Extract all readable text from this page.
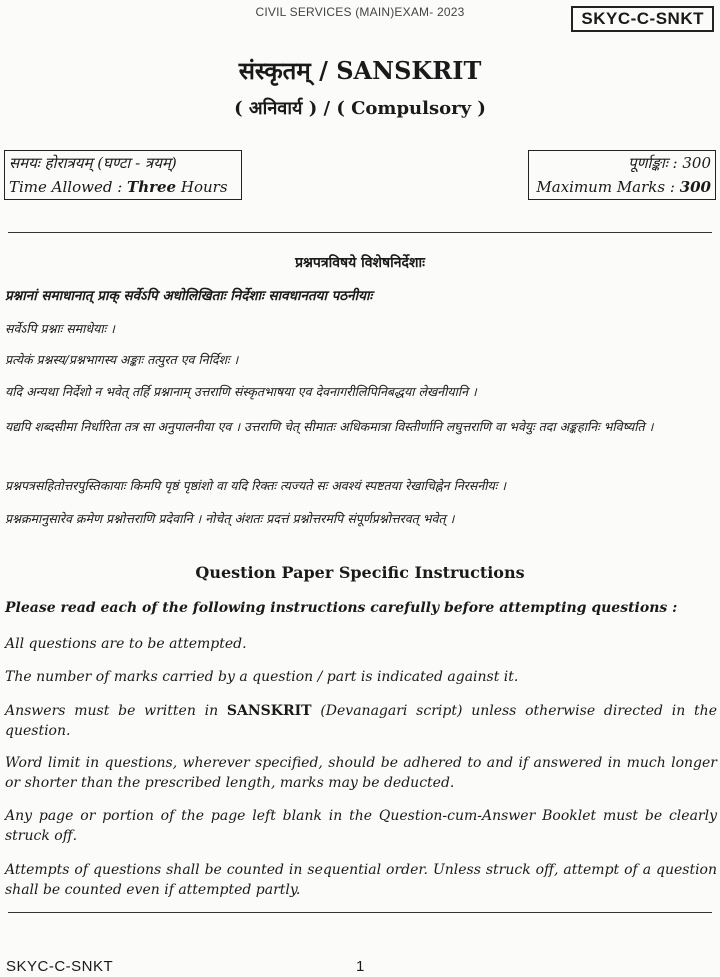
CIVIL SERVICES (MAIN)EXAM- 2023	SKYC-C-SNKT
संस्कृतम् / SANSKRIT
( अनिवार्य ) / ( Compulsory )
समयः होरात्रयम् (घण्टा - त्रयम्)
Time Allowed : Three Hours
पूर्णाङ्काः : 300
Maximum Marks : 300
प्रश्नपत्रविषये विशेषनिर्देशाः
प्रश्नानां समाधानात् प्राक् सर्वेऽपि अधोलिखिताः निर्देशाः सावधानतया पठनीयाः
सर्वेऽपि प्रश्नाः समाधेयाः ।
प्रत्येकं प्रश्नस्य/प्रश्नभागस्य अङ्काः तत्पुरत एव निर्दिशः ।
यदि अन्यथा निर्देशो न भवेत् तर्हि प्रश्नानाम् उत्तराणि संस्कृतभाषया एव देवनागरीलिपिनिबद्धया लेखनीयानि ।
यद्यपि शब्दसीमा निर्धारिता तत्र सा अनुपालनीया एव । उत्तराणि चेत् सीमातः अधिकमात्रा विस्तीर्णानि लघुत्तराणि वा भवेयुः तदा अङ्कहानिः भविष्यति ।
प्रश्नपत्रसहितोत्तरपुस्तिकायाः किमपि पृष्ठं पृष्ठांशो वा यदि रिक्तः त्यज्यते सः अवश्यं स्पष्टतया रेखाचिह्नेन निरसनीयः ।
प्रश्नक्रमानुसारेव क्रमेण प्रश्नोत्तराणि प्रदेवानि । नोचेत् अंशतः प्रदत्तं प्रश्नोत्तरमपि संपूर्णप्रश्नोत्तरवत् भवेत् ।
Question Paper Specific Instructions
Please read each of the following instructions carefully before attempting questions :
All questions are to be attempted.
The number of marks carried by a question / part is indicated against it.
Answers must be written in SANSKRIT (Devanagari script) unless otherwise directed in the question.
Word limit in questions, wherever specified, should be adhered to and if answered in much longer or shorter than the prescribed length, marks may be deducted.
Any page or portion of the page left blank in the Question-cum-Answer Booklet must be clearly struck off.
Attempts of questions shall be counted in sequential order. Unless struck off, attempt of a question shall be counted even if attempted partly.
SKYC-C-SNKT	1
